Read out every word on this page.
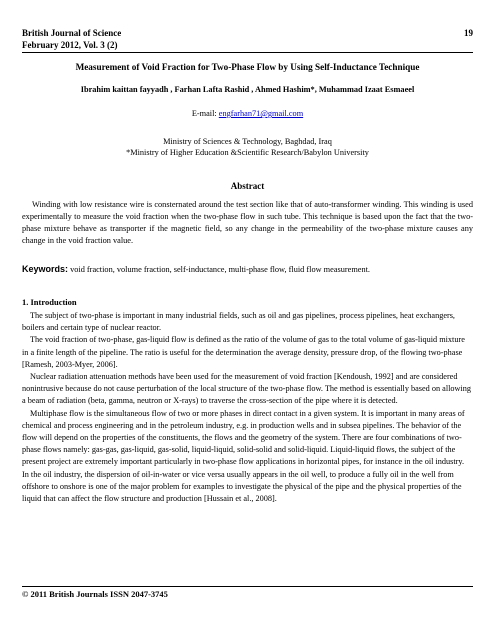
British Journal of Science
February 2012, Vol. 3 (2)
19
Measurement of Void Fraction for Two-Phase Flow by Using Self-Inductance Technique
Ibrahim kaittan fayyadh , Farhan Lafta Rashid , Ahmed Hashim*, Muhammad Izaat Esmaeel
E-mail: engfarhan71@gmail.com
Ministry of Sciences & Technology, Baghdad, Iraq
*Ministry of Higher Education &Scientific Research/Babylon University
Abstract
Winding with low resistance wire is consternated around the test section like that of auto-transformer winding. This winding is used experimentally to measure the void fraction when the two-phase flow in such tube. This technique is based upon the fact that the two-phase mixture behave as transporter if the magnetic field, so any change in the permeability of the two-phase mixture causes any change in the void fraction value.
Keywords: void fraction, volume fraction, self-inductance, multi-phase flow, fluid flow measurement.
1. Introduction

The subject of two-phase is important in many industrial fields, such as oil and gas pipelines, process pipelines, heat exchangers, boilers and certain type of nuclear reactor.

The void fraction of two-phase, gas-liquid flow is defined as the ratio of the volume of gas to the total volume of gas-liquid mixture in a finite length of the pipeline. The ratio is useful for the determination the average density, pressure drop, of the flowing two-phase [Ramesh, 2003-Myer, 2006].

Nuclear radiation attenuation methods have been used for the measurement of void fraction [Kendoush, 1992] and are considered nonintrusive because do not cause perturbation of the local structure of the two-phase flow. The method is essentially based on allowing a beam of radiation (beta, gamma, neutron or X-rays) to traverse the cross-section of the pipe where it is detected.

Multiphase flow is the simultaneous flow of two or more phases in direct contact in a given system. It is important in many areas of chemical and process engineering and in the petroleum industry, e.g. in production wells and in subsea pipelines. The behavior of the flow will depend on the properties of the constituents, the flows and the geometry of the system. There are four combinations of two-phase flows namely: gas-gas, gas-liquid, gas-solid, liquid-liquid, solid-solid and solid-liquid. Liquid-liquid flows, the subject of the present project are extremely important particularly in two-phase flow applications in horizontal pipes, for instance in the oil industry. In the oil industry, the dispersion of oil-in-water or vice versa usually appears in the oil well, to produce a fully oil in the well from offshore to onshore is one of the major problem for examples to investigate the physical of the pipe and the physical properties of the liquid that can affect the flow structure and production [Hussain et al., 2008].

© 2011 British Journals ISSN 2047-3745
